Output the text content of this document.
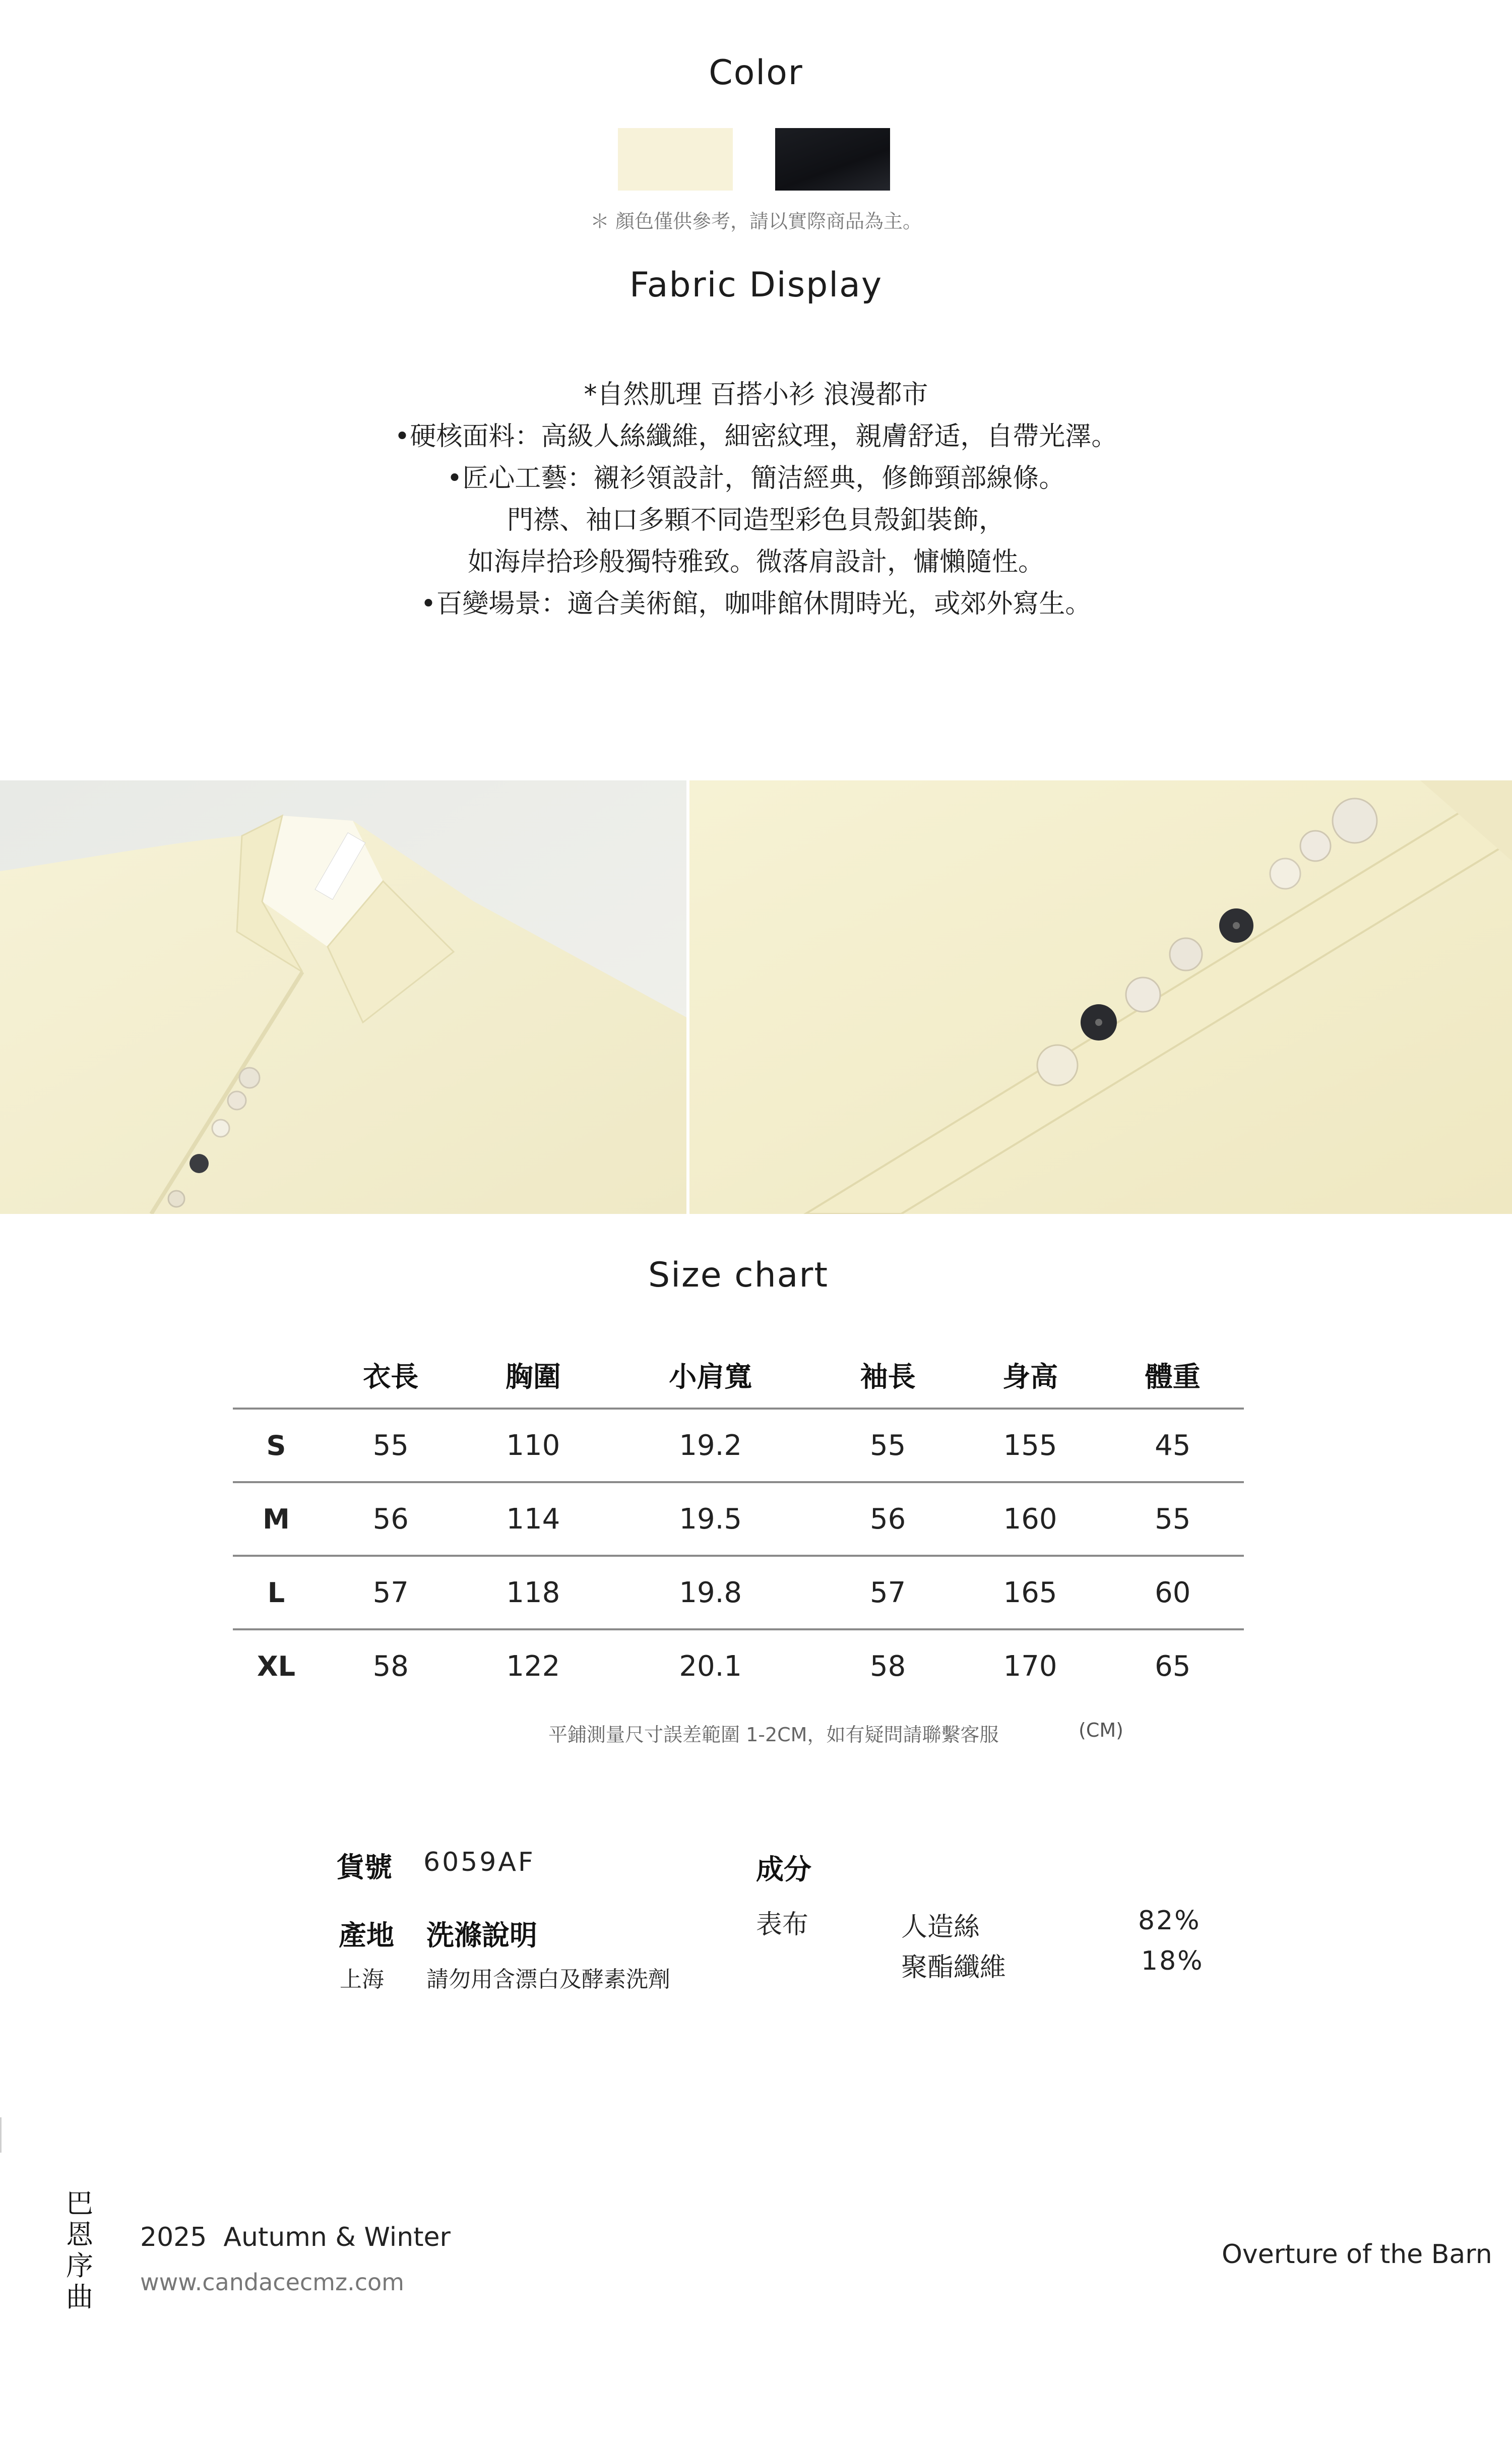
Color
＊ 顏色僅供參考，請以實際商品為主。
Fabric Display
*自然肌理 百搭小衫 浪漫都市
•硬核面料：高級人絲纖維，細密紋理，親膚舒适，自帶光澤。
•匠心工藝：襯衫領設計，簡洁經典，修飾頸部線條。
門襟、袖口多顆不同造型彩色貝殼釦裝飾，
如海岸拾珍般獨特雅致。微落肩設計，慵懶隨性。
•百變場景：適合美術館，咖啡館休閒時光，或郊外寫生。
Size chart
	衣長	胸圍	小肩寬	袖長	身高	體重
S	55	110	19.2	55	155	45
M	56	114	19.5	56	160	55
L	57	118	19.8	57	165	60
XL	58	122	20.1	58	170	65
平鋪測量尺寸誤差範圍 1-2CM，如有疑問請聯繫客服	(CM)
貨號 6059AF
產地
上海
洗滌說明
請勿用含漂白及酵素洗劑
成分
表布	人造絲	82%
聚酯纖維	18%
巴
恩
序
曲
2025  Autumn & Winter
www.candacecmz.com
Overture of the Barn
